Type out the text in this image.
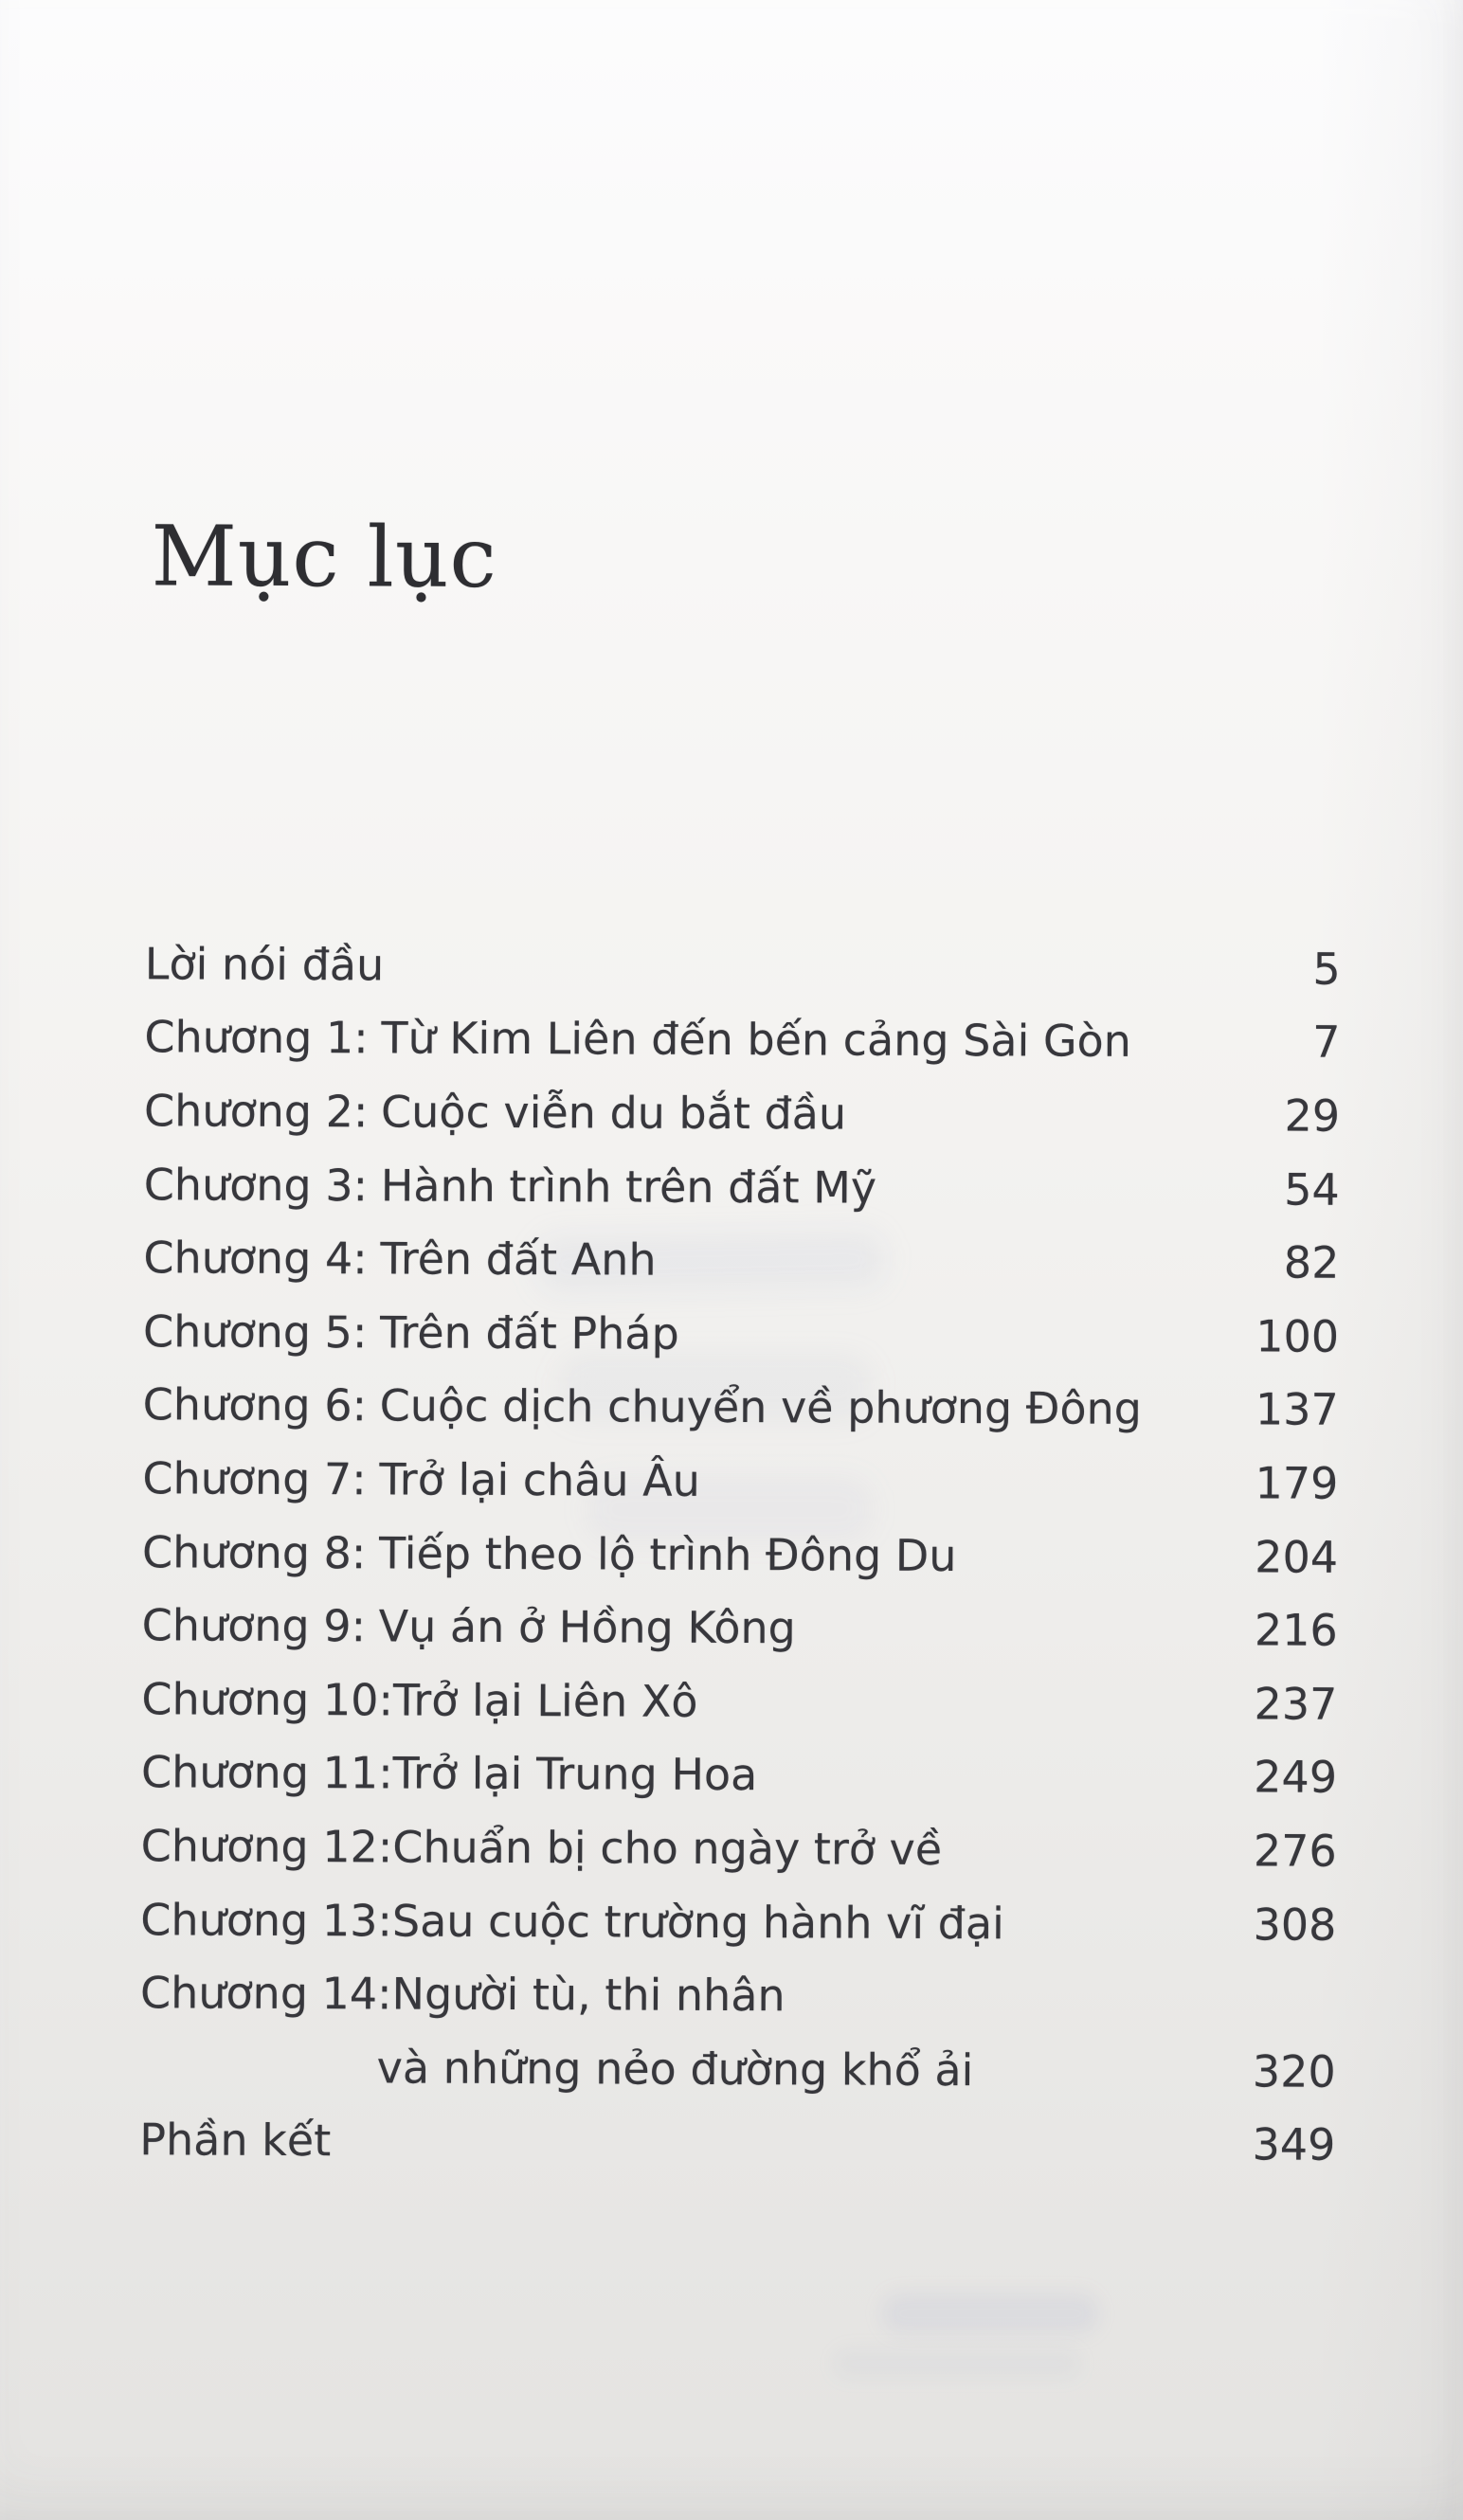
Mục lục
Lời nói đầu	5
Chương 1: Từ Kim Liên đến bến cảng Sài Gòn	7
Chương 2: Cuộc viễn du bắt đầu	29
Chương 3: Hành trình trên đất Mỹ	54
Chương 4: Trên đất Anh	82
Chương 5: Trên đất Pháp	100
Chương 6: Cuộc dịch chuyển về phương Đông	137
Chương 7: Trở lại châu Âu	179
Chương 8: Tiếp theo lộ trình Đông Du	204
Chương 9: Vụ án ở Hồng Kông	216
Chương 10: Trở lại Liên Xô	237
Chương 11: Trở lại Trung Hoa	249
Chương 12: Chuẩn bị cho ngày trở về	276
Chương 13: Sau cuộc trường hành vĩ đại	308
Chương 14: Người tù, thi nhân
và những nẻo đường khổ ải	320
Phần kết	349
